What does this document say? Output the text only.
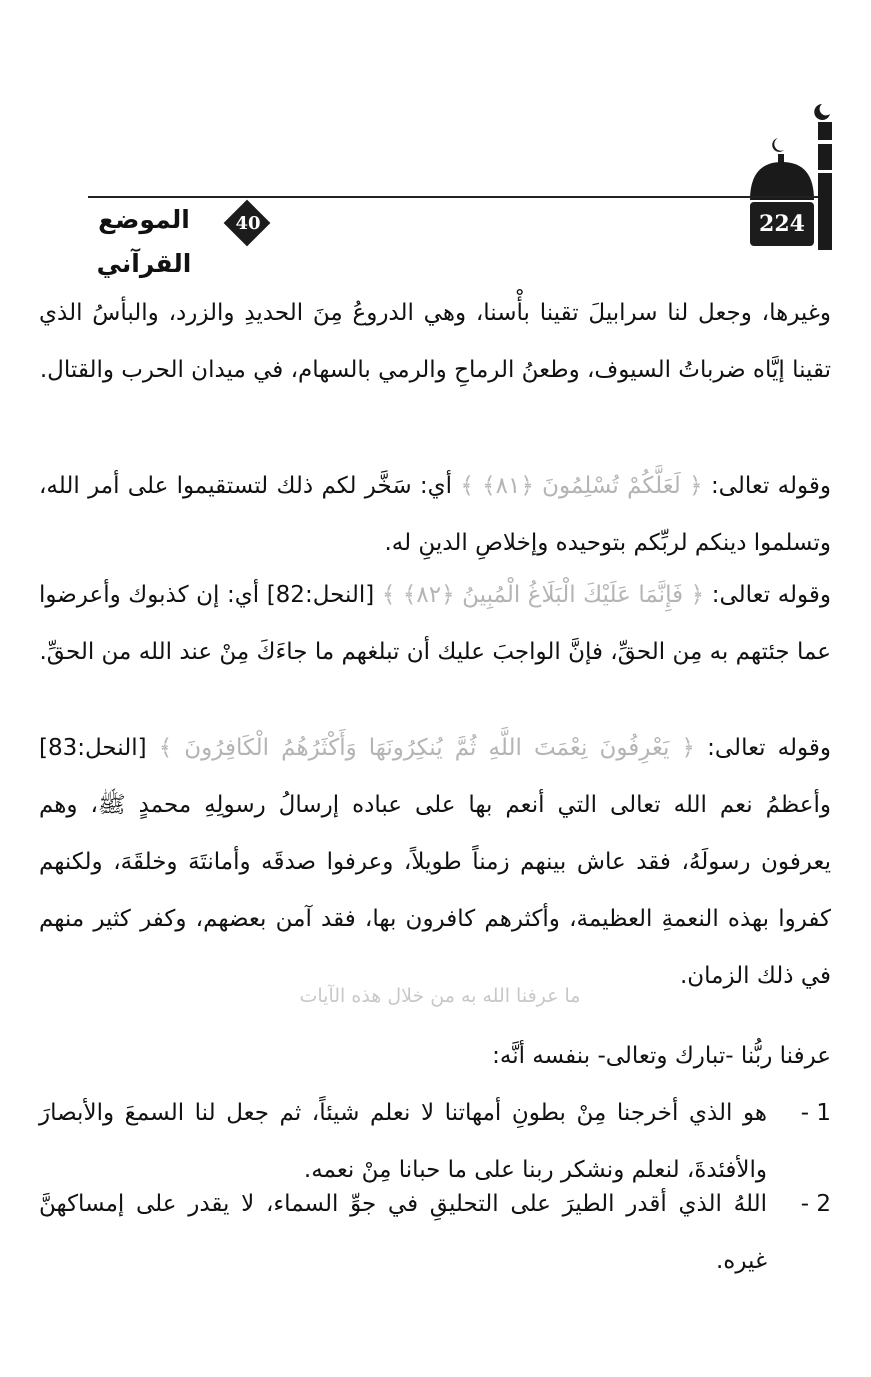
224
40
الموضع القرآني
وغيرها، وجعل لنا سرابيلَ تقينا بأْسنا، وهي الدروعُ مِنَ الحديدِ والزرد، والبأسُ الذي تقينا إيَّاه ضرباتُ السيوف، وطعنُ الرماحِ والرمي بالسهام، في ميدان الحرب والقتال.
وقوله تعالى: ﴿ لَعَلَّكُمْ تُسْلِمُونَ ﴿٨١﴾ ﴾ أي: سَخَّر لكم ذلك لتستقيموا على أمر الله، وتسلموا دينكم لربِّكم بتوحيده وإخلاصِ الدينِ له.
وقوله تعالى: ﴿ فَإِنَّمَا عَلَيْكَ الْبَلَاغُ الْمُبِينُ ﴿٨٢﴾ ﴾ [النحل:82] أي: إن كذبوك وأعرضوا عما جئتهم به مِن الحقِّ، فإنَّ الواجبَ عليك أن تبلغهم ما جاءَكَ مِنْ عند الله من الحقِّ.
وقوله تعالى: ﴿ يَعْرِفُونَ نِعْمَتَ اللَّهِ ثُمَّ يُنكِرُونَهَا وَأَكْثَرُهُمُ الْكَافِرُونَ ﴾ [النحل:83] وأعظمُ نعم الله تعالى التي أنعم بها على عباده إرسالُ رسولِهِ محمدٍ ﷺ، وهم يعرفون رسولَهُ، فقد عاش بينهم زمناً طويلاً، وعرفوا صدقَه وأمانتَهَ وخلقَهَ، ولكنهم كفروا بهذه النعمةِ العظيمة، وأكثرهم كافرون بها، فقد آمن بعضهم، وكفر كثير منهم في ذلك الزمان.
ما عرفنا الله به من خلال هذه الآيات
عرفنا ربُّنا -تبارك وتعالى- بنفسه أنَّه:
1 -
هو الذي أخرجنا مِنْ بطونِ أمهاتنا لا نعلم شيئاً، ثم جعل لنا السمعَ والأبصارَ والأفئدةَ، لنعلم ونشكر ربنا على ما حبانا مِنْ نعمه.
2 -
اللهُ الذي أقدر الطيرَ على التحليقِ في جوِّ السماء، لا يقدر على إمساكهنَّ غيره.
